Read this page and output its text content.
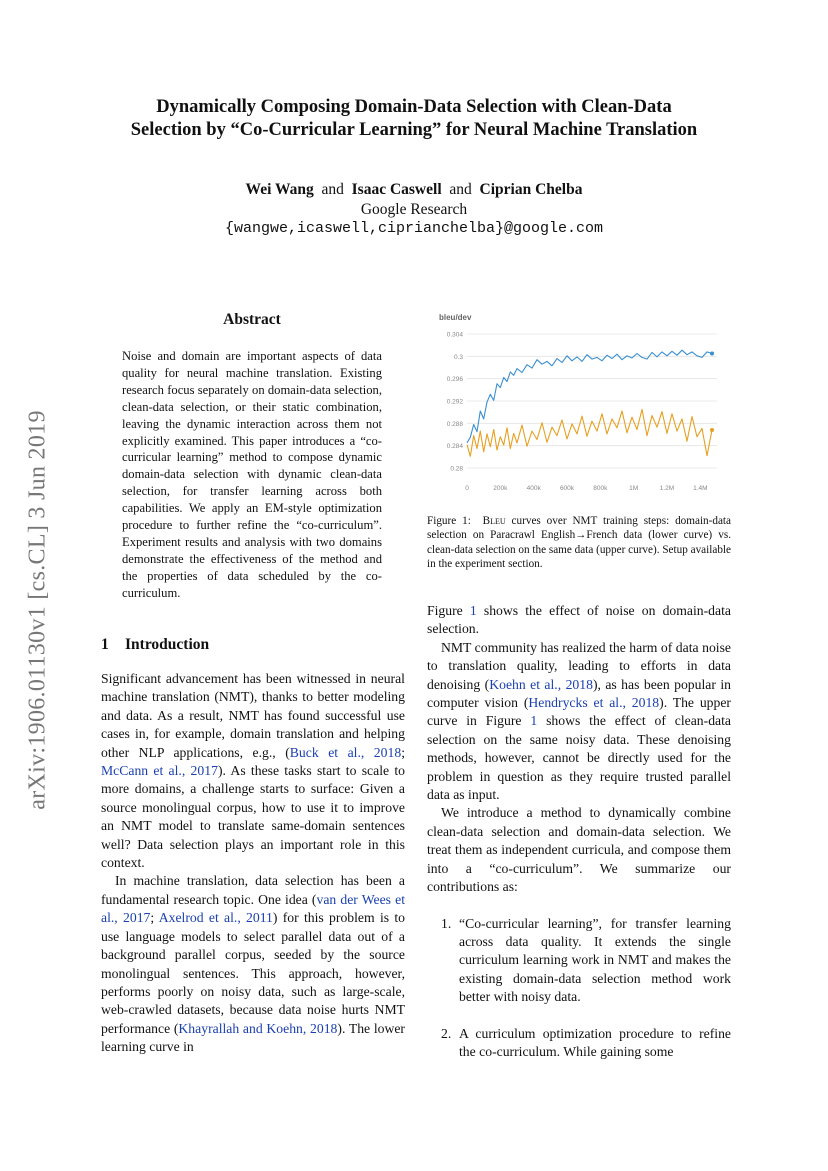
arXiv:1906.01130v1 [cs.CL] 3 Jun 2019
Dynamically Composing Domain-Data Selection with Clean-Data
Selection by “Co-Curricular Learning” for Neural Machine Translation
Wei Wang and Isaac Caswell and Ciprian Chelba
Google Research
{wangwe,icaswell,ciprianchelba}@google.com
Abstract
Noise and domain are important aspects of data quality for neural machine translation. Existing research focus separately on domain-data selection, clean-data selection, or their static combination, leaving the dynamic interaction across them not explicitly examined. This paper introduces a “co-curricular learning” method to compose dynamic domain-data selection with dynamic clean-data selection, for transfer learning across both capabilities. We apply an EM-style optimization procedure to further refine the “co-curriculum”. Experiment results and analysis with two domains demonstrate the effectiveness of the method and the properties of data scheduled by the co-curriculum.
1 Introduction

Significant advancement has been witnessed in neural machine translation (NMT), thanks to better modeling and data. As a result, NMT has found successful use cases in, for example, domain translation and helping other NLP applications, e.g., (Buck et al., 2018; McCann et al., 2017). As these tasks start to scale to more domains, a challenge starts to surface: Given a source monolingual corpus, how to use it to improve an NMT model to translate same-domain sentences well? Data selection plays an important role in this context.

In machine translation, data selection has been a fundamental research topic. One idea (van der Wees et al., 2017; Axelrod et al., 2011) for this problem is to use language models to select parallel data out of a background parallel corpus, seeded by the source monolingual sentences. This approach, however, performs poorly on noisy data, such as large-scale, web-crawled datasets, because data noise hurts NMT performance (Khayrallah and Koehn, 2018). The lower learning curve in

bleu/dev
0.304
0.3
0.296
0.292
0.288
0.284
0.28
0	200k	400k	600k	800k	1M	1.2M	1.4M
Figure 1: Bleu curves over NMT training steps: domain-data selection on Paracrawl English→French data (lower curve) vs. clean-data selection on the same data (upper curve). Setup available in the experiment section.

Figure 1 shows the effect of noise on domain-data selection.

NMT community has realized the harm of data noise to translation quality, leading to efforts in data denoising (Koehn et al., 2018), as has been popular in computer vision (Hendrycks et al., 2018). The upper curve in Figure 1 shows the effect of clean-data selection on the same noisy data. These denoising methods, however, cannot be directly used for the problem in question as they require trusted parallel data as input.

We introduce a method to dynamically combine clean-data selection and domain-data selection. We treat them as independent curricula, and compose them into a “co-curriculum”. We summarize our contributions as:

1. “Co-curricular learning”, for transfer learning across data quality. It extends the single curriculum learning work in NMT and makes the existing domain-data selection method work better with noisy data.
2. A curriculum optimization procedure to refine the co-curriculum. While gaining some
